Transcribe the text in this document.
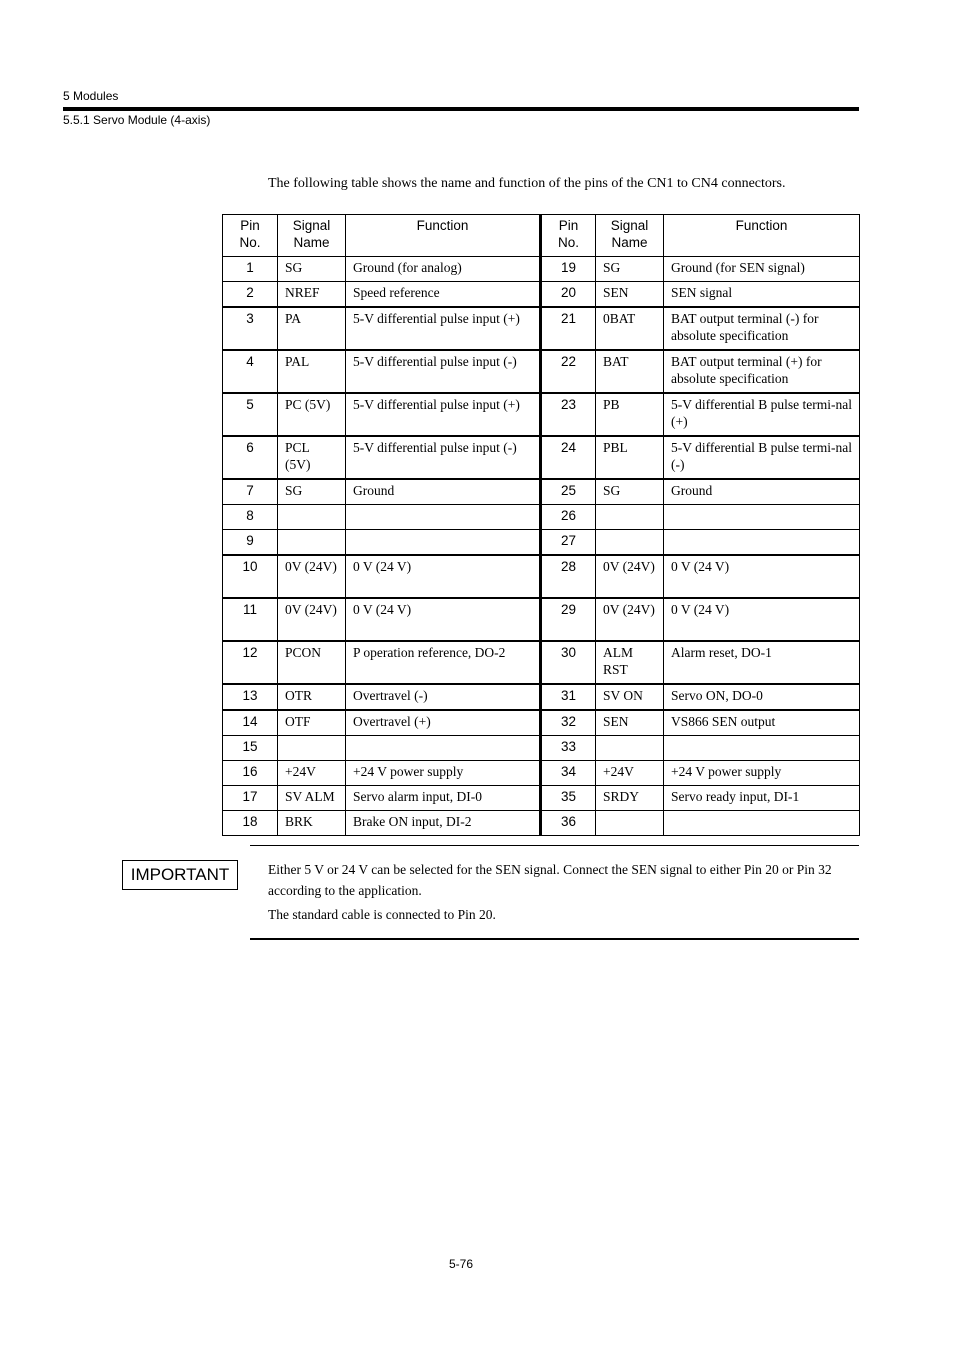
5 Modules
5.5.1 Servo Module (4-axis)
The following table shows the name and function of the pins of the CN1 to CN4 connectors.
Pin No.	Signal Name	Function	Pin No.	Signal Name	Function
1	SG	Ground (for analog)	19	SG	Ground (for SEN signal)
2	NREF	Speed reference	20	SEN	SEN signal
3	PA	5-V differential pulse input (+)	21	0BAT	BAT output terminal (-) for absolute specification
4	PAL	5-V differential pulse input (-)	22	BAT	BAT output terminal (+) for absolute specification
5	PC (5V)	5-V differential pulse input (+)	23	PB	5-V differential B pulse termi-nal (+)
6	PCL (5V)	5-V differential pulse input (-)	24	PBL	5-V differential B pulse termi-nal (-)
7	SG	Ground	25	SG	Ground
8			26		
9			27		
10	0V (24V)	0 V (24 V)	28	0V (24V)	0 V (24 V)
11	0V (24V)	0 V (24 V)	29	0V (24V)	0 V (24 V)
12	PCON	P operation reference, DO-2	30	ALM RST	Alarm reset, DO-1
13	OTR	Overtravel (-)	31	SV ON	Servo ON, DO-0
14	OTF	Overtravel (+)	32	SEN	VS866 SEN output
15			33		
16	+24V	+24 V power supply	34	+24V	+24 V power supply
17	SV ALM	Servo alarm input, DI-0	35	SRDY	Servo ready input, DI-1
18	BRK	Brake ON input, DI-2	36		
IMPORTANT	Either 5 V or 24 V can be selected for the SEN signal. Connect the SEN signal to either Pin 20 or Pin 32 according to the application.
The standard cable is connected to Pin 20.
5-76
